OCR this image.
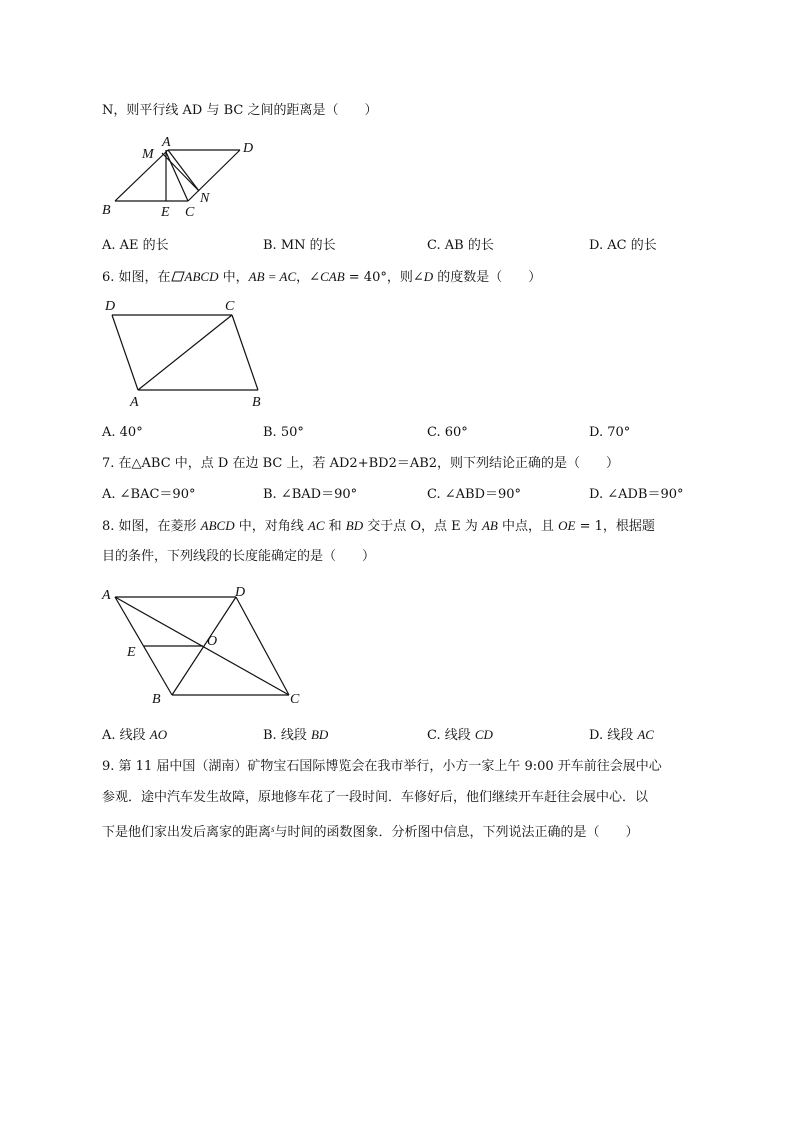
N，则平行线 AD 与 BC 之间的距离是（　　）
A
M	D
B	E C
N
A. AE 的长	B. MN 的长	C. AB 的长	D. AC 的长
6. 如图，在 ABCD 中，AB = AC，∠CAB = 40°，则∠D 的度数是（　　）
D	C
A	B
A. 40°	B. 50°	C. 60°	D. 70°
7. 在△ABC 中，点 D 在边 BC 上，若 AD2+BD2＝AB2，则下列结论正确的是（　　）
A. ∠BAC＝90°	B. ∠BAD＝90°	C. ∠ABD＝90°	D. ∠ADB＝90°
8. 如图，在菱形 ABCD 中，对角线 AC 和 BD 交于点 O，点 E 为 AB 中点，且 OE = 1，根据题
目的条件，下列线段的长度能确定的是（　　）
A	D
O
E
B	C
A. 线段 AO	B. 线段 BD	C. 线段 CD	D. 线段 AC
9. 第 11 届中国（湖南）矿物宝石国际博览会在我市举行，小方一家上午 9:00 开车前往会展中心
参观．途中汽车发生故障，原地修车花了一段时间．车修好后，他们继续开车赶往会展中心．以
下是他们家出发后离家的距离$^s$与时间的函数图象．分析图中信息，下列说法正确的是（　　）
